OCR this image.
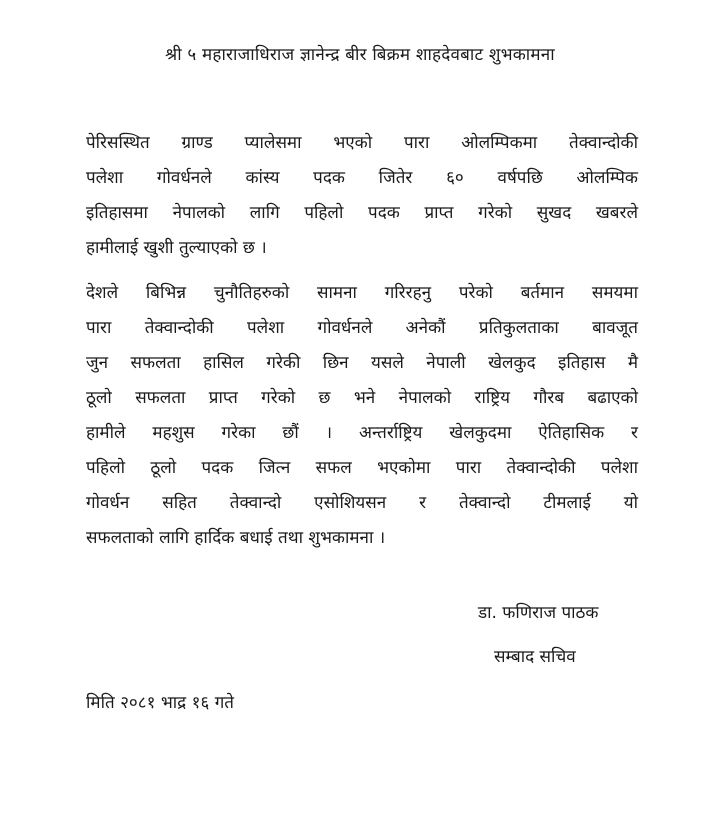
श्री ५ महाराजाधिराज ज्ञानेन्द्र बीर बिक्रम शाहदेवबाट शुभकामना
पेरिसस्थित ग्राण्ड प्यालेसमा भएको पारा ओलम्पिकमा तेक्वान्दोकी
पलेशा गोवर्धनले कांस्य पदक जितेर ६० वर्षपछि ओलम्पिक
इतिहासमा नेपालको लागि पहिलो पदक प्राप्त गरेको सुखद खबरले
हामीलाई खुशी तुल्याएको छ ।
देशले बिभिन्न चुनौतिहरुको सामना गरिरहनु परेको बर्तमान समयमा
पारा तेक्वान्दोकी पलेशा गोवर्धनले अनेकौं प्रतिकुलताका बावजूत
जुन सफलता हासिल गरेकी छिन यसले नेपाली खेलकुद इतिहास मै
ठूलो सफलता प्राप्त गरेको छ भने नेपालको राष्ट्रिय गौरब बढाएको
हामीले महशुस गरेका छौं । अन्तर्राष्ट्रिय खेलकुदमा ऐतिहासिक र
पहिलो ठूलो पदक जित्न सफल भएकोमा पारा तेक्वान्दोकी पलेशा
गोवर्धन सहित तेक्वान्दो एसोशियसन र तेक्वान्दो टीमलाई यो
सफलताको लागि हार्दिक बधाई तथा शुभकामना ।
डा. फणिराज पाठक
सम्बाद सचिव
मिति २०८१ भाद्र १६ गते
